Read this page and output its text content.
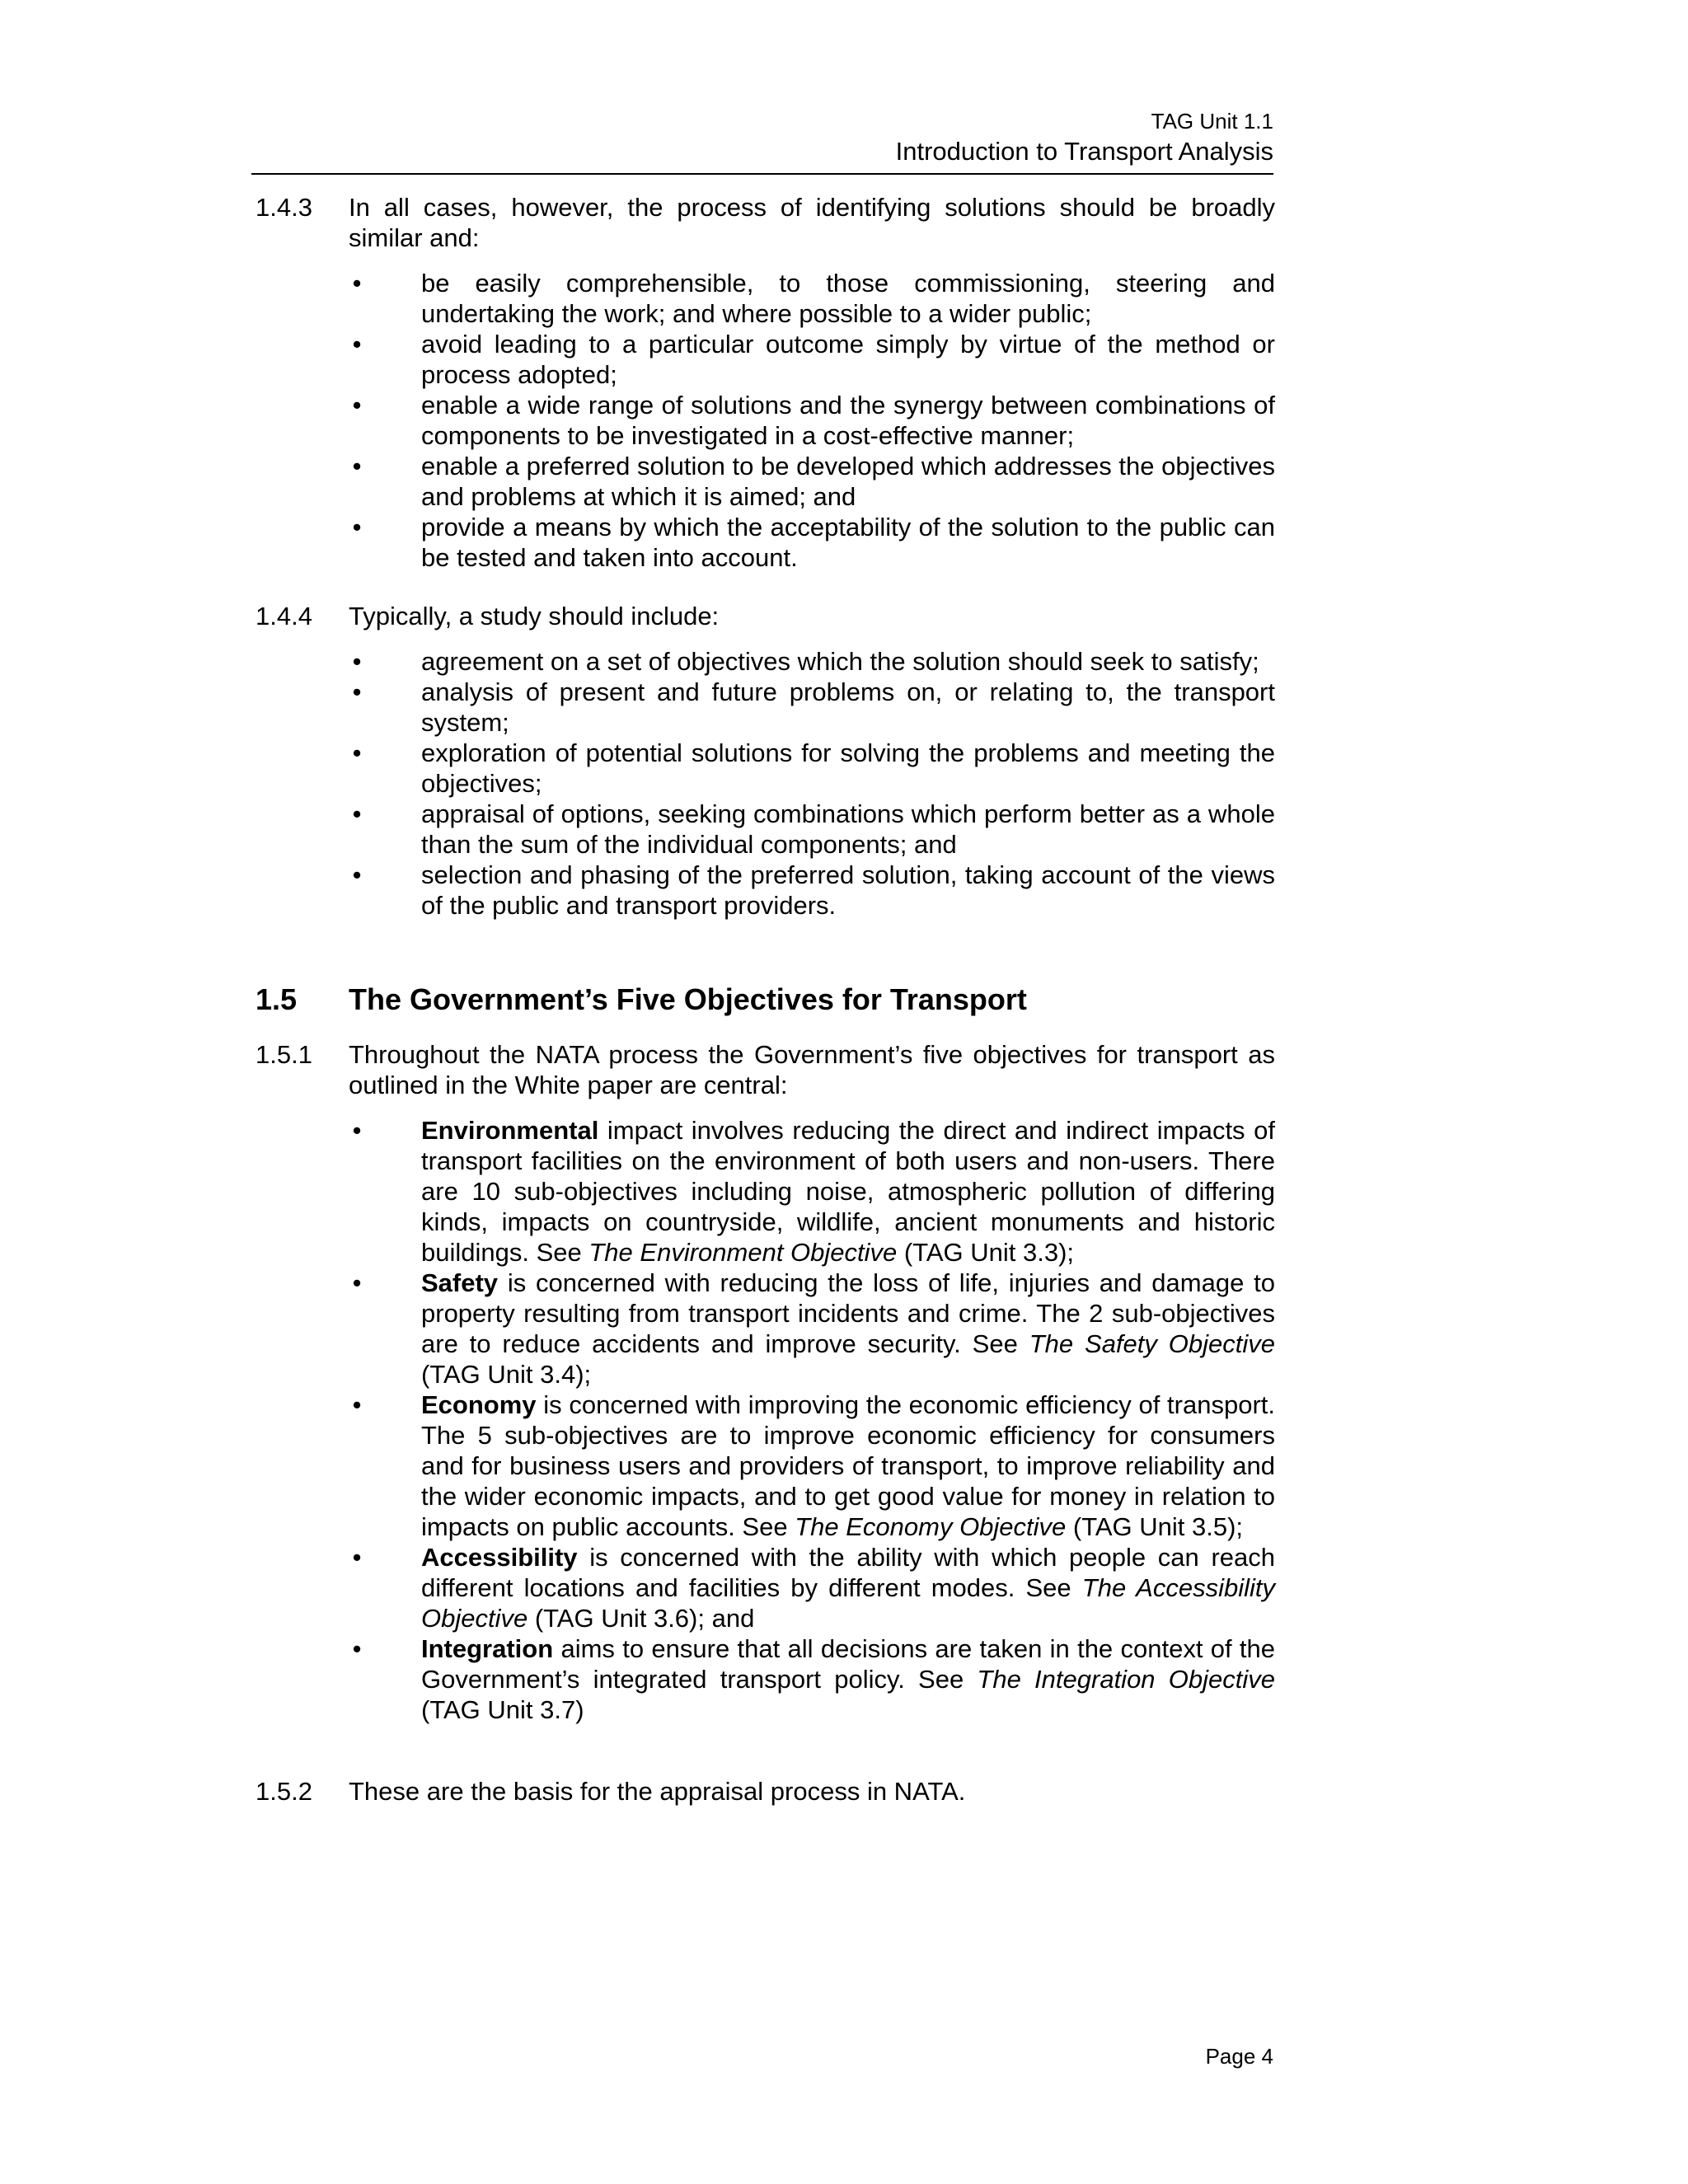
TAG Unit 1.1
Introduction to Transport Analysis
1.4.3	In all cases, however, the process of identifying solutions should be broadly similar and:
• be easily comprehensible, to those commissioning, steering and undertaking the work; and where possible to a wider public;
• avoid leading to a particular outcome simply by virtue of the method or process adopted;
• enable a wide range of solutions and the synergy between combinations of components to be investigated in a cost-effective manner;
• enable a preferred solution to be developed which addresses the objectives and problems at which it is aimed; and
• provide a means by which the acceptability of the solution to the public can be tested and taken into account.
1.4.4	Typically, a study should include:
• agreement on a set of objectives which the solution should seek to satisfy;
• analysis of present and future problems on, or relating to, the transport system;
• exploration of potential solutions for solving the problems and meeting the objectives;
• appraisal of options, seeking combinations which perform better as a whole than the sum of the individual components; and
• selection and phasing of the preferred solution, taking account of the views of the public and transport providers.
1.5	The Government’s Five Objectives for Transport
1.5.1	Throughout the NATA process the Government’s five objectives for transport as outlined in the White paper are central:
• Environmental impact involves reducing the direct and indirect impacts of transport facilities on the environment of both users and non-users. There are 10 sub-objectives including noise, atmospheric pollution of differing kinds, impacts on countryside, wildlife, ancient monuments and historic buildings. See The Environment Objective (TAG Unit 3.3);
• Safety is concerned with reducing the loss of life, injuries and damage to property resulting from transport incidents and crime. The 2 sub-objectives are to reduce accidents and improve security. See The Safety Objective (TAG Unit 3.4);
• Economy is concerned with improving the economic efficiency of transport. The 5 sub-objectives are to improve economic efficiency for consumers and for business users and providers of transport, to improve reliability and the wider economic impacts, and to get good value for money in relation to impacts on public accounts. See The Economy Objective (TAG Unit 3.5);
• Accessibility is concerned with the ability with which people can reach different locations and facilities by different modes. See The Accessibility Objective (TAG Unit 3.6); and
• Integration aims to ensure that all decisions are taken in the context of the Government’s integrated transport policy. See The Integration Objective (TAG Unit 3.7)
1.5.2	These are the basis for the appraisal process in NATA.
Page 4
